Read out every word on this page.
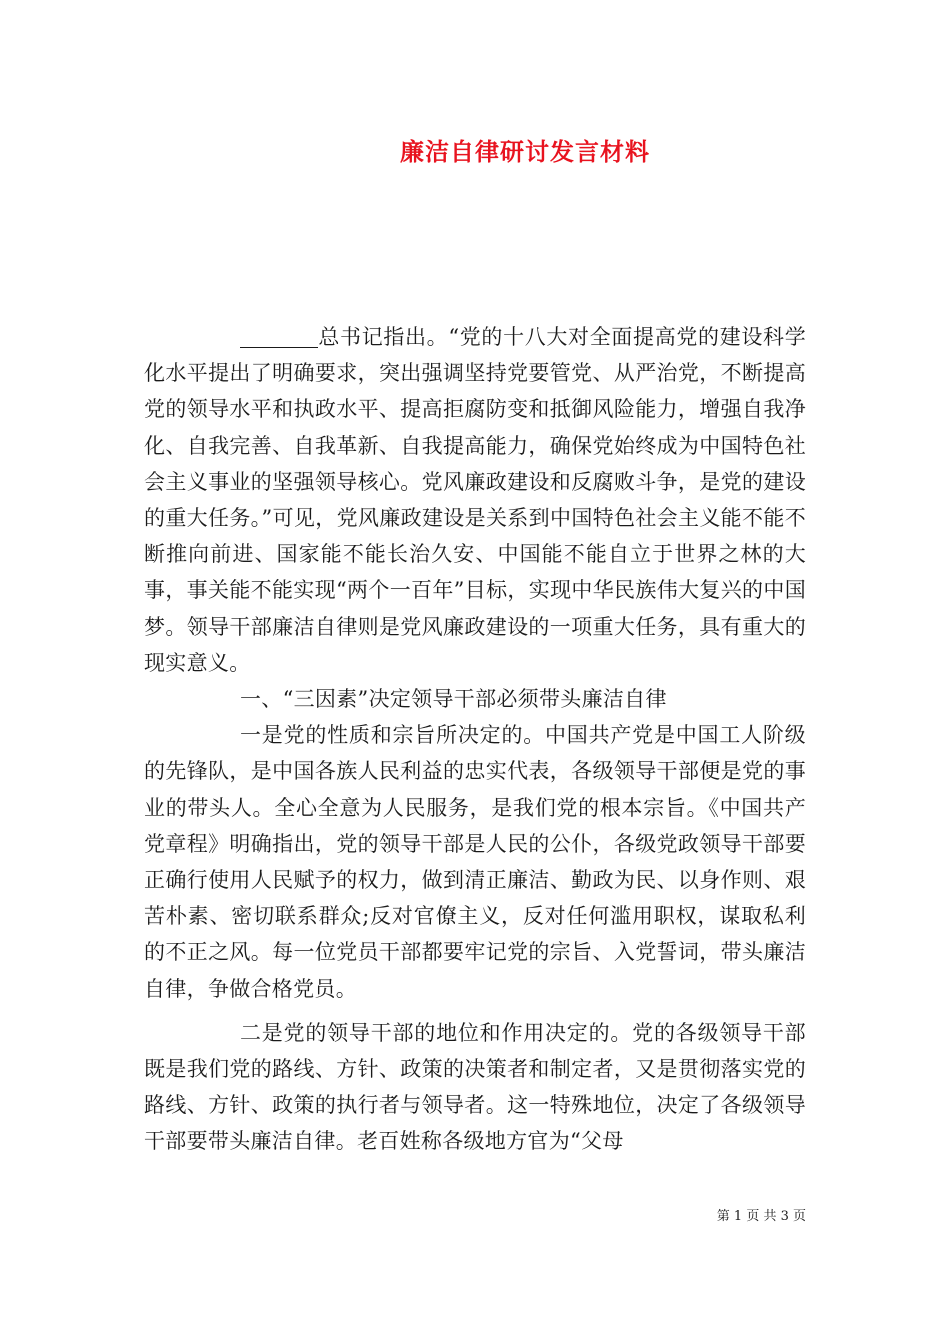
廉洁自律研讨发言材料

总书记指出。“党的十八大对全面提高党的建设科学化水平提出了明确要求，突出强调坚持党要管党、从严治党，不断提高党的领导水平和执政水平、提高拒腐防变和抵御风险能力，增强自我净化、自我完善、自我革新、自我提高能力，确保党始终成为中国特色社会主义事业的坚强领导核心。党风廉政建设和反腐败斗争，是党的建设的重大任务。”可见，党风廉政建设是关系到中国特色社会主义能不能不断推向前进、国家能不能长治久安、中国能不能自立于世界之林的大事，事关能不能实现“两个一百年”目标，实现中华民族伟大复兴的中国梦。领导干部廉洁自律则是党风廉政建设的一项重大任务，具有重大的现实意义。

一、“三因素”决定领导干部必须带头廉洁自律

一是党的性质和宗旨所决定的。中国共产党是中国工人阶级的先锋队，是中国各族人民利益的忠实代表，各级领导干部便是党的事业的带头人。全心全意为人民服务，是我们党的根本宗旨。《中国共产党章程》明确指出，党的领导干部是人民的公仆，各级党政领导干部要正确行使用人民赋予的权力，做到清正廉洁、勤政为民、以身作则、艰苦朴素、密切联系群众;反对官僚主义，反对任何滥用职权，谋取私利的不正之风。每一位党员干部都要牢记党的宗旨、入党誓词，带头廉洁自律，争做合格党员。

二是党的领导干部的地位和作用决定的。党的各级领导干部既是我们党的路线、方针、政策的决策者和制定者，又是贯彻落实党的路线、方针、政策的执行者与领导者。这一特殊地位，决定了各级领导干部要带头廉洁自律。老百姓称各级地方官为“父母

第 1 页 共 3 页
